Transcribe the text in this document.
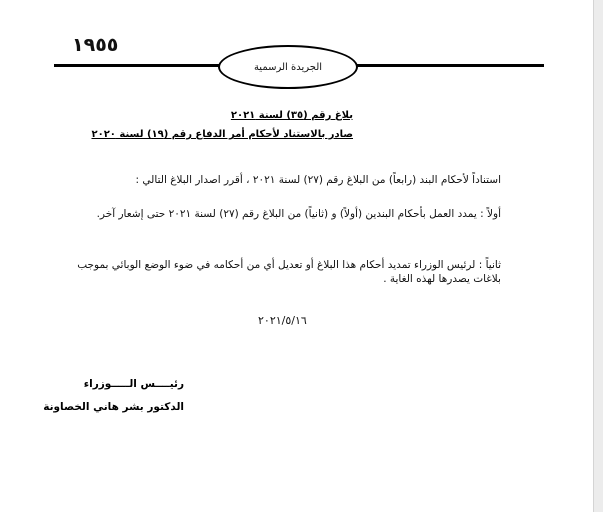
١٩٥٥
الجريدة الرسمية
بلاغ رقم (٣٥) لسنة ٢٠٢١
صادر بالاستناد لأحكام أمر الدفاع رقم (١٩) لسنة ٢٠٢٠
استناداً لأحكام البند (رابعاً) من البلاغ رقم (٢٧) لسنة ٢٠٢١ ، أقرر اصدار البلاغ التالي :
أولاً : يمدد العمل بأحكام البندين (أولاً) و (ثانياً) من البلاغ رقم (٢٧) لسنة ٢٠٢١ حتى إشعار آخر.
ثانياً : لرئيس الوزراء تمديد أحكام هذا البلاغ أو تعديل أي من أحكامه في ضوء الوضع الوبائي بموجب بلاغات يصدرها لهذه الغاية .
٢٠٢١/٥/١٦
رئيــــس الـــــوزراء
الدكتور بشر هاني الخصاونة
